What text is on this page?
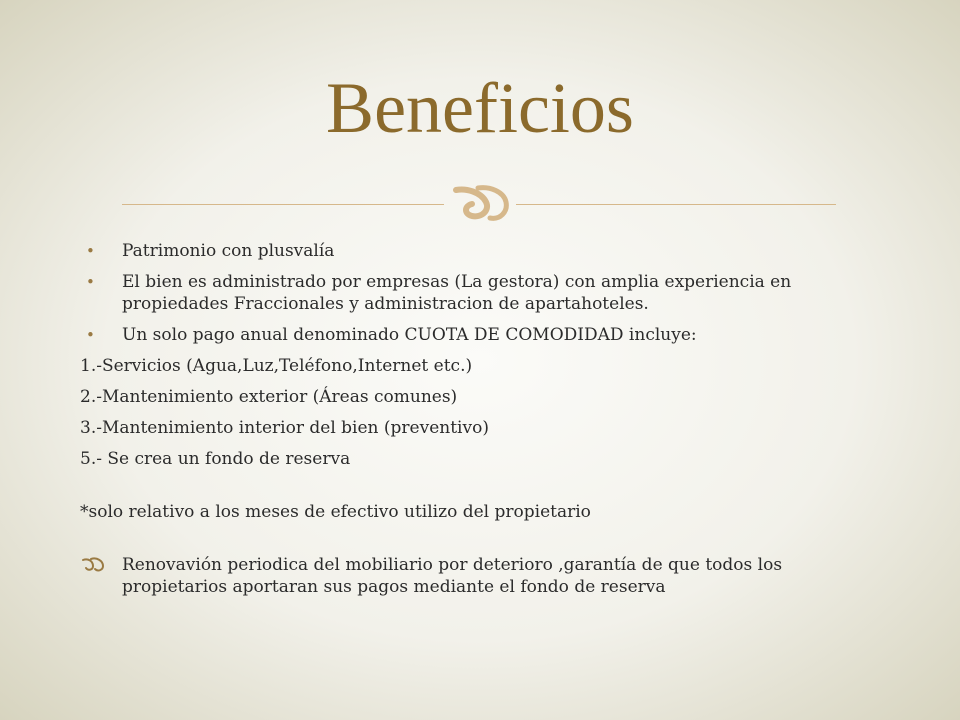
Beneficios
• Patrimonio con plusvalía
• El bien es administrado por empresas (La gestora) con amplia experiencia en propiedades Fraccionales y administracion de apartahoteles.
• Un solo pago anual denominado CUOTA DE COMODIDAD incluye:
1.-Servicios (Agua,Luz,Teléfono,Internet etc.)
2.-Mantenimiento exterior (Áreas comunes)
3.-Mantenimiento interior del bien (preventivo)
5.- Se crea un fondo de reserva
*solo relativo a los meses de efectivo utilizo del propietario
Renovavión periodica del mobiliario por deterioro ,garantía de que todos los propietarios aportaran sus pagos mediante el fondo de reserva
